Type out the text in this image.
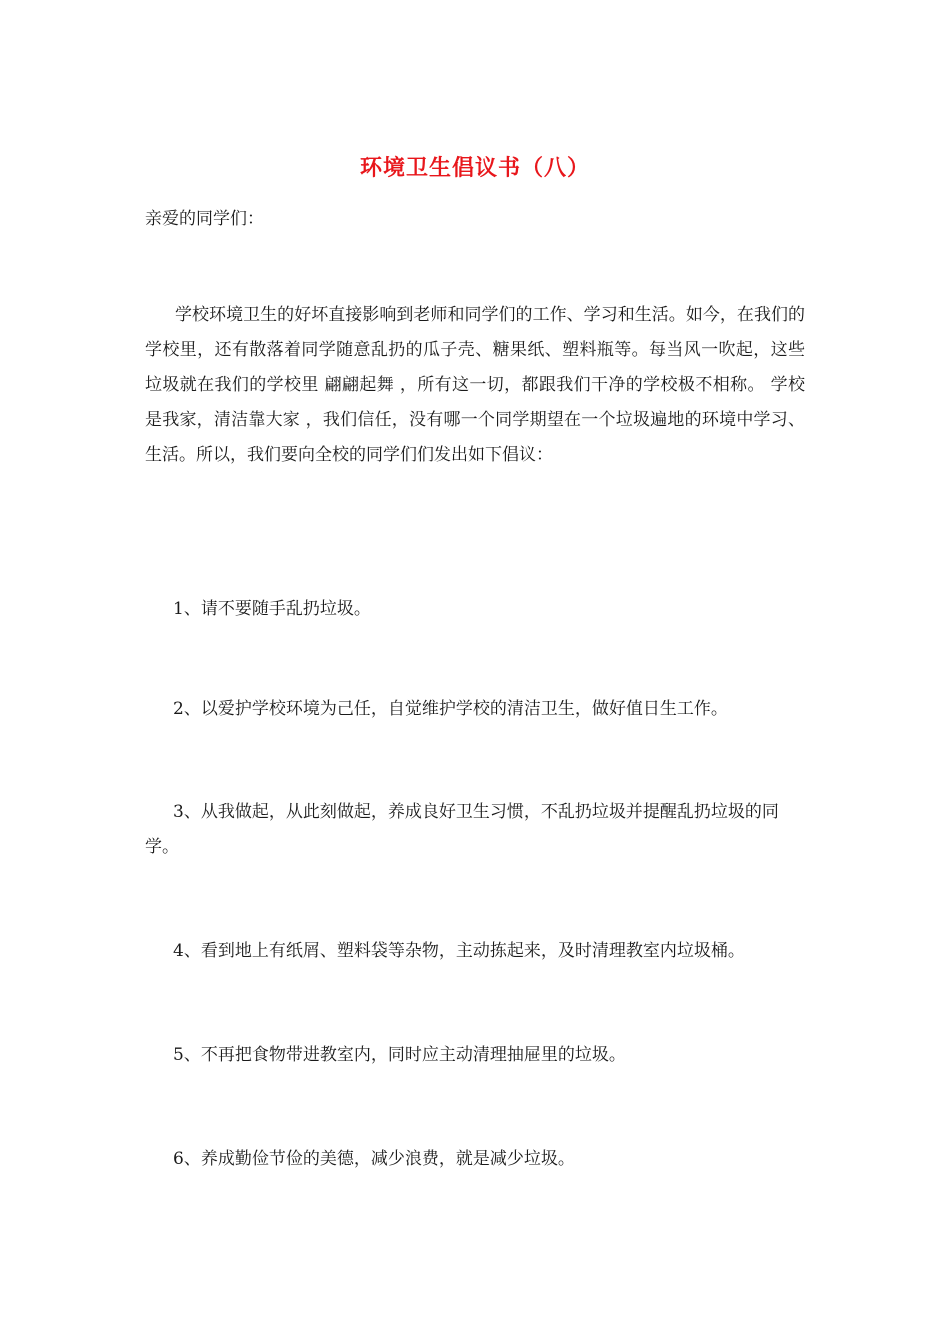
环境卫生倡议书（八）
亲爱的同学们：

学校环境卫生的好坏直接影响到老师和同学们的工作、学习和生活。如今，在我们的学校里，还有散落着同学随意乱扔的瓜子壳、糖果纸、塑料瓶等。每当风一吹起，这些垃圾就在我们的学校里 翩翩起舞 ，所有这一切，都跟我们干净的学校极不相称。 学校是我家，清洁靠大家 ，我们信任，没有哪一个同学期望在一个垃圾遍地的环境中学习、生活。所以，我们要向全校的同学们们发出如下倡议：

1、请不要随手乱扔垃圾。

2、以爱护学校环境为己任，自觉维护学校的清洁卫生，做好值日生工作。

3、从我做起，从此刻做起，养成良好卫生习惯，不乱扔垃圾并提醒乱扔垃圾的同学。

4、看到地上有纸屑、塑料袋等杂物，主动拣起来，及时清理教室内垃圾桶。

5、不再把食物带进教室内，同时应主动清理抽屉里的垃圾。

6、养成勤俭节俭的美德，减少浪费，就是减少垃圾。
